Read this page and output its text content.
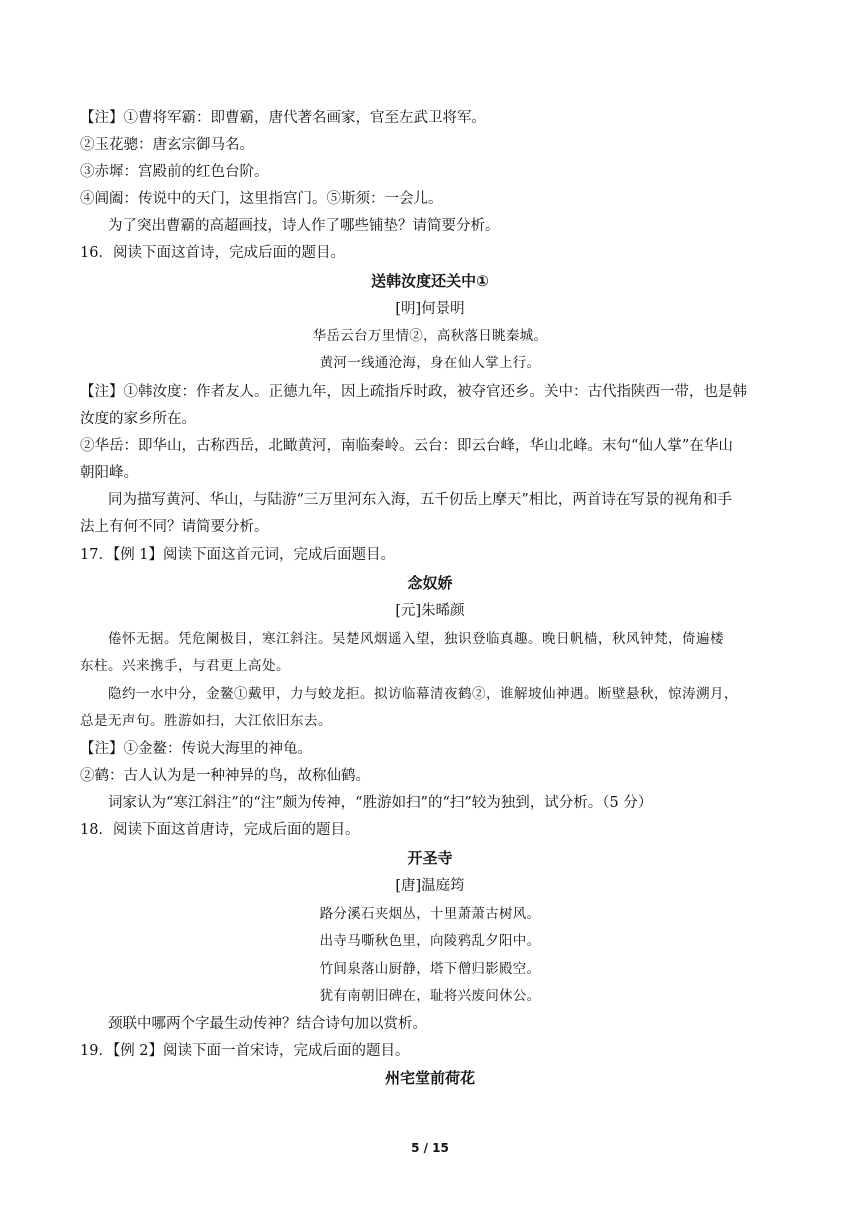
【注】①曹将军霸：即曹霸，唐代著名画家，官至左武卫将军。
②玉花骢：唐玄宗御马名。
③赤墀：宫殿前的红色台阶。
④阊阖：传说中的天门，这里指宫门。⑤斯须：一会儿。
为了突出曹霸的高超画技，诗人作了哪些铺垫？请简要分析。
16．阅读下面这首诗，完成后面的题目。
送韩汝度还关中①
[明]何景明
华岳云台万里情②，高秋落日眺秦城。
黄河一线通沧海，身在仙人掌上行。
【注】①韩汝度：作者友人。正德九年，因上疏指斥时政，被夺官还乡。关中：古代指陕西一带，也是韩
汝度的家乡所在。
②华岳：即华山，古称西岳，北瞰黄河，南临秦岭。云台：即云台峰，华山北峰。末句“仙人掌”在华山
朝阳峰。
同为描写黄河、华山，与陆游“三万里河东入海，五千仞岳上摩天”相比，两首诗在写景的视角和手
法上有何不同？请简要分析。
17．【例 1】阅读下面这首元词，完成后面题目。
念奴娇
[元]朱晞颜
倦怀无据。凭危阑极目，寒江斜注。吴楚风烟遥入望，独识登临真趣。晚日帆樯，秋风钟梵，倚遍楼
东柱。兴来携手，与君更上高处。
隐约一水中分，金鳌①戴甲，力与蛟龙拒。拟访临幕清夜鹤②，谁解坡仙神遇。断壁悬秋，惊涛溯月，
总是无声句。胜游如扫，大江依旧东去。
【注】①金鳌：传说大海里的神龟。
②鹤：古人认为是一种神异的鸟，故称仙鹤。
词家认为“寒江斜注”的“注”颇为传神，“胜游如扫”的“扫”较为独到，试分析。（5 分）
18．阅读下面这首唐诗，完成后面的题目。
开圣寺
[唐]温庭筠
路分溪石夹烟丛，十里萧萧古树风。
出寺马嘶秋色里，向陵鸦乱夕阳中。
竹间泉落山厨静，塔下僧归影殿空。
犹有南朝旧碑在，耻将兴废问休公。
颈联中哪两个字最生动传神？结合诗句加以赏析。
19．【例 2】阅读下面一首宋诗，完成后面的题目。
州宅堂前荷花
5 / 15
